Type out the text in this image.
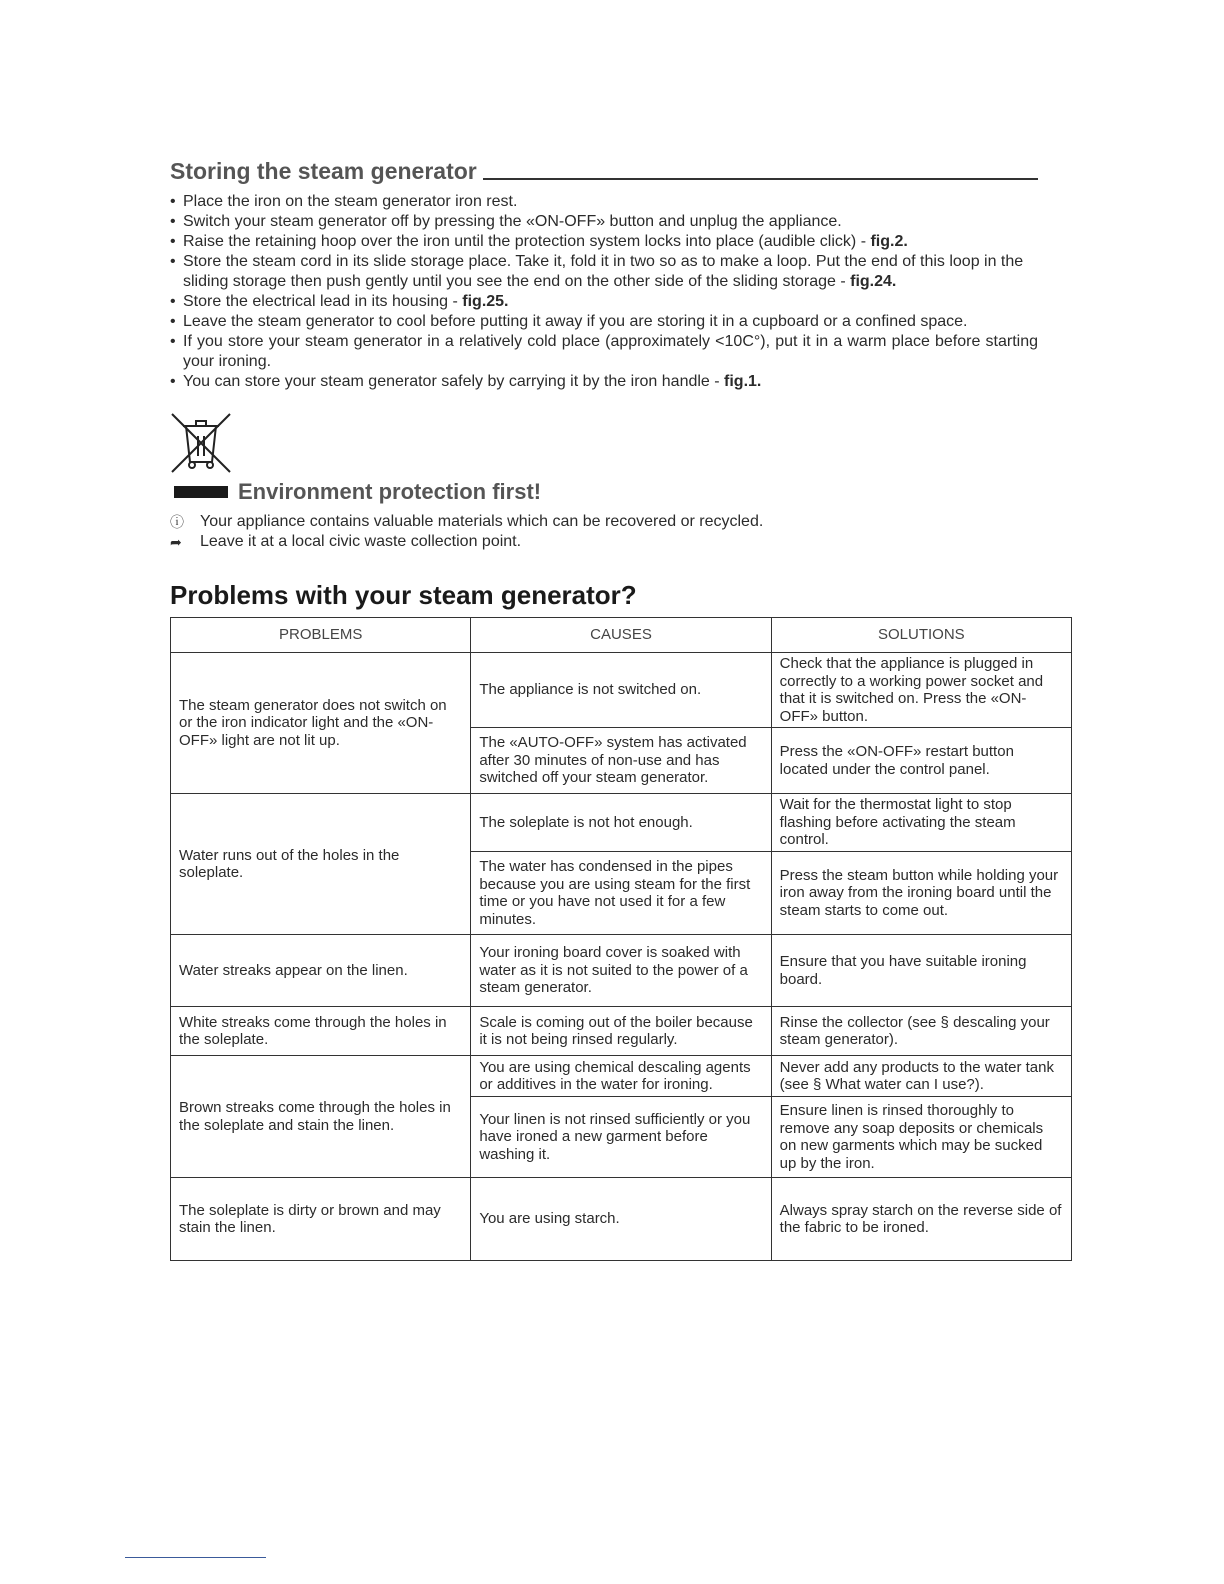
Storing the steam generator
• Place the iron on the steam generator iron rest.
• Switch your steam generator off by pressing the «ON-OFF» button and unplug the appliance.
• Raise the retaining hoop over the iron until the protection system locks into place (audible click) - fig.2.
• Store the steam cord in its slide storage place. Take it, fold it in two so as to make a loop. Put the end of this loop in the sliding storage then push gently until you see the end on the other side of the sliding storage - fig.24.
• Store the electrical lead in its housing - fig.25.
• Leave the steam generator to cool before putting it away if you are storing it in a cupboard or a confined space.
• If you store your steam generator in a relatively cold place (approximately <10C°), put it in a warm place before starting your ironing.
• You can store your steam generator safely by carrying it by the iron handle - fig.1.
Environment protection first!
ⓘ	Your appliance contains valuable materials which can be recovered or recycled.
➦	Leave it at a local civic waste collection point.
Problems with your steam generator?
PROBLEMS	CAUSES	SOLUTIONS
The steam generator does not switch on or the iron indicator light and the «ON-OFF» light are not lit up.	The appliance is not switched on.	Check that the appliance is plugged in correctly to a working power socket and that it is switched on. Press the «ON-OFF» button.
	The «AUTO-OFF» system has activated after 30 minutes of non-use and has switched off your steam generator.	Press the «ON-OFF» restart button located under the control panel.
Water runs out of the holes in the soleplate.	The soleplate is not hot enough.	Wait for the thermostat light to stop flashing before activating the steam control.
	The water has condensed in the pipes because you are using steam for the first time or you have not used it for a few minutes.	Press the steam button while holding your iron away from the ironing board until the steam starts to come out.
Water streaks appear on the linen.	Your ironing board cover is soaked with water as it is not suited to the power of a steam generator.	Ensure that you have suitable ironing board.
White streaks come through the holes in the soleplate.	Scale is coming out of the boiler because it is not being rinsed regularly.	Rinse the collector (see § descaling your steam generator).
Brown streaks come through the holes in the soleplate and stain the linen.	You are using chemical descaling agents or additives in the water for ironing.	Never add any products to the water tank (see § What water can I use?).
	Your linen is not rinsed sufficiently or you have ironed a new garment before washing it.	Ensure linen is rinsed thoroughly to remove any soap deposits or chemicals on new garments which may be sucked up by the iron.
The soleplate is dirty or brown and may stain the linen.	You are using starch.	Always spray starch on the reverse side of the fabric to be ironed.
